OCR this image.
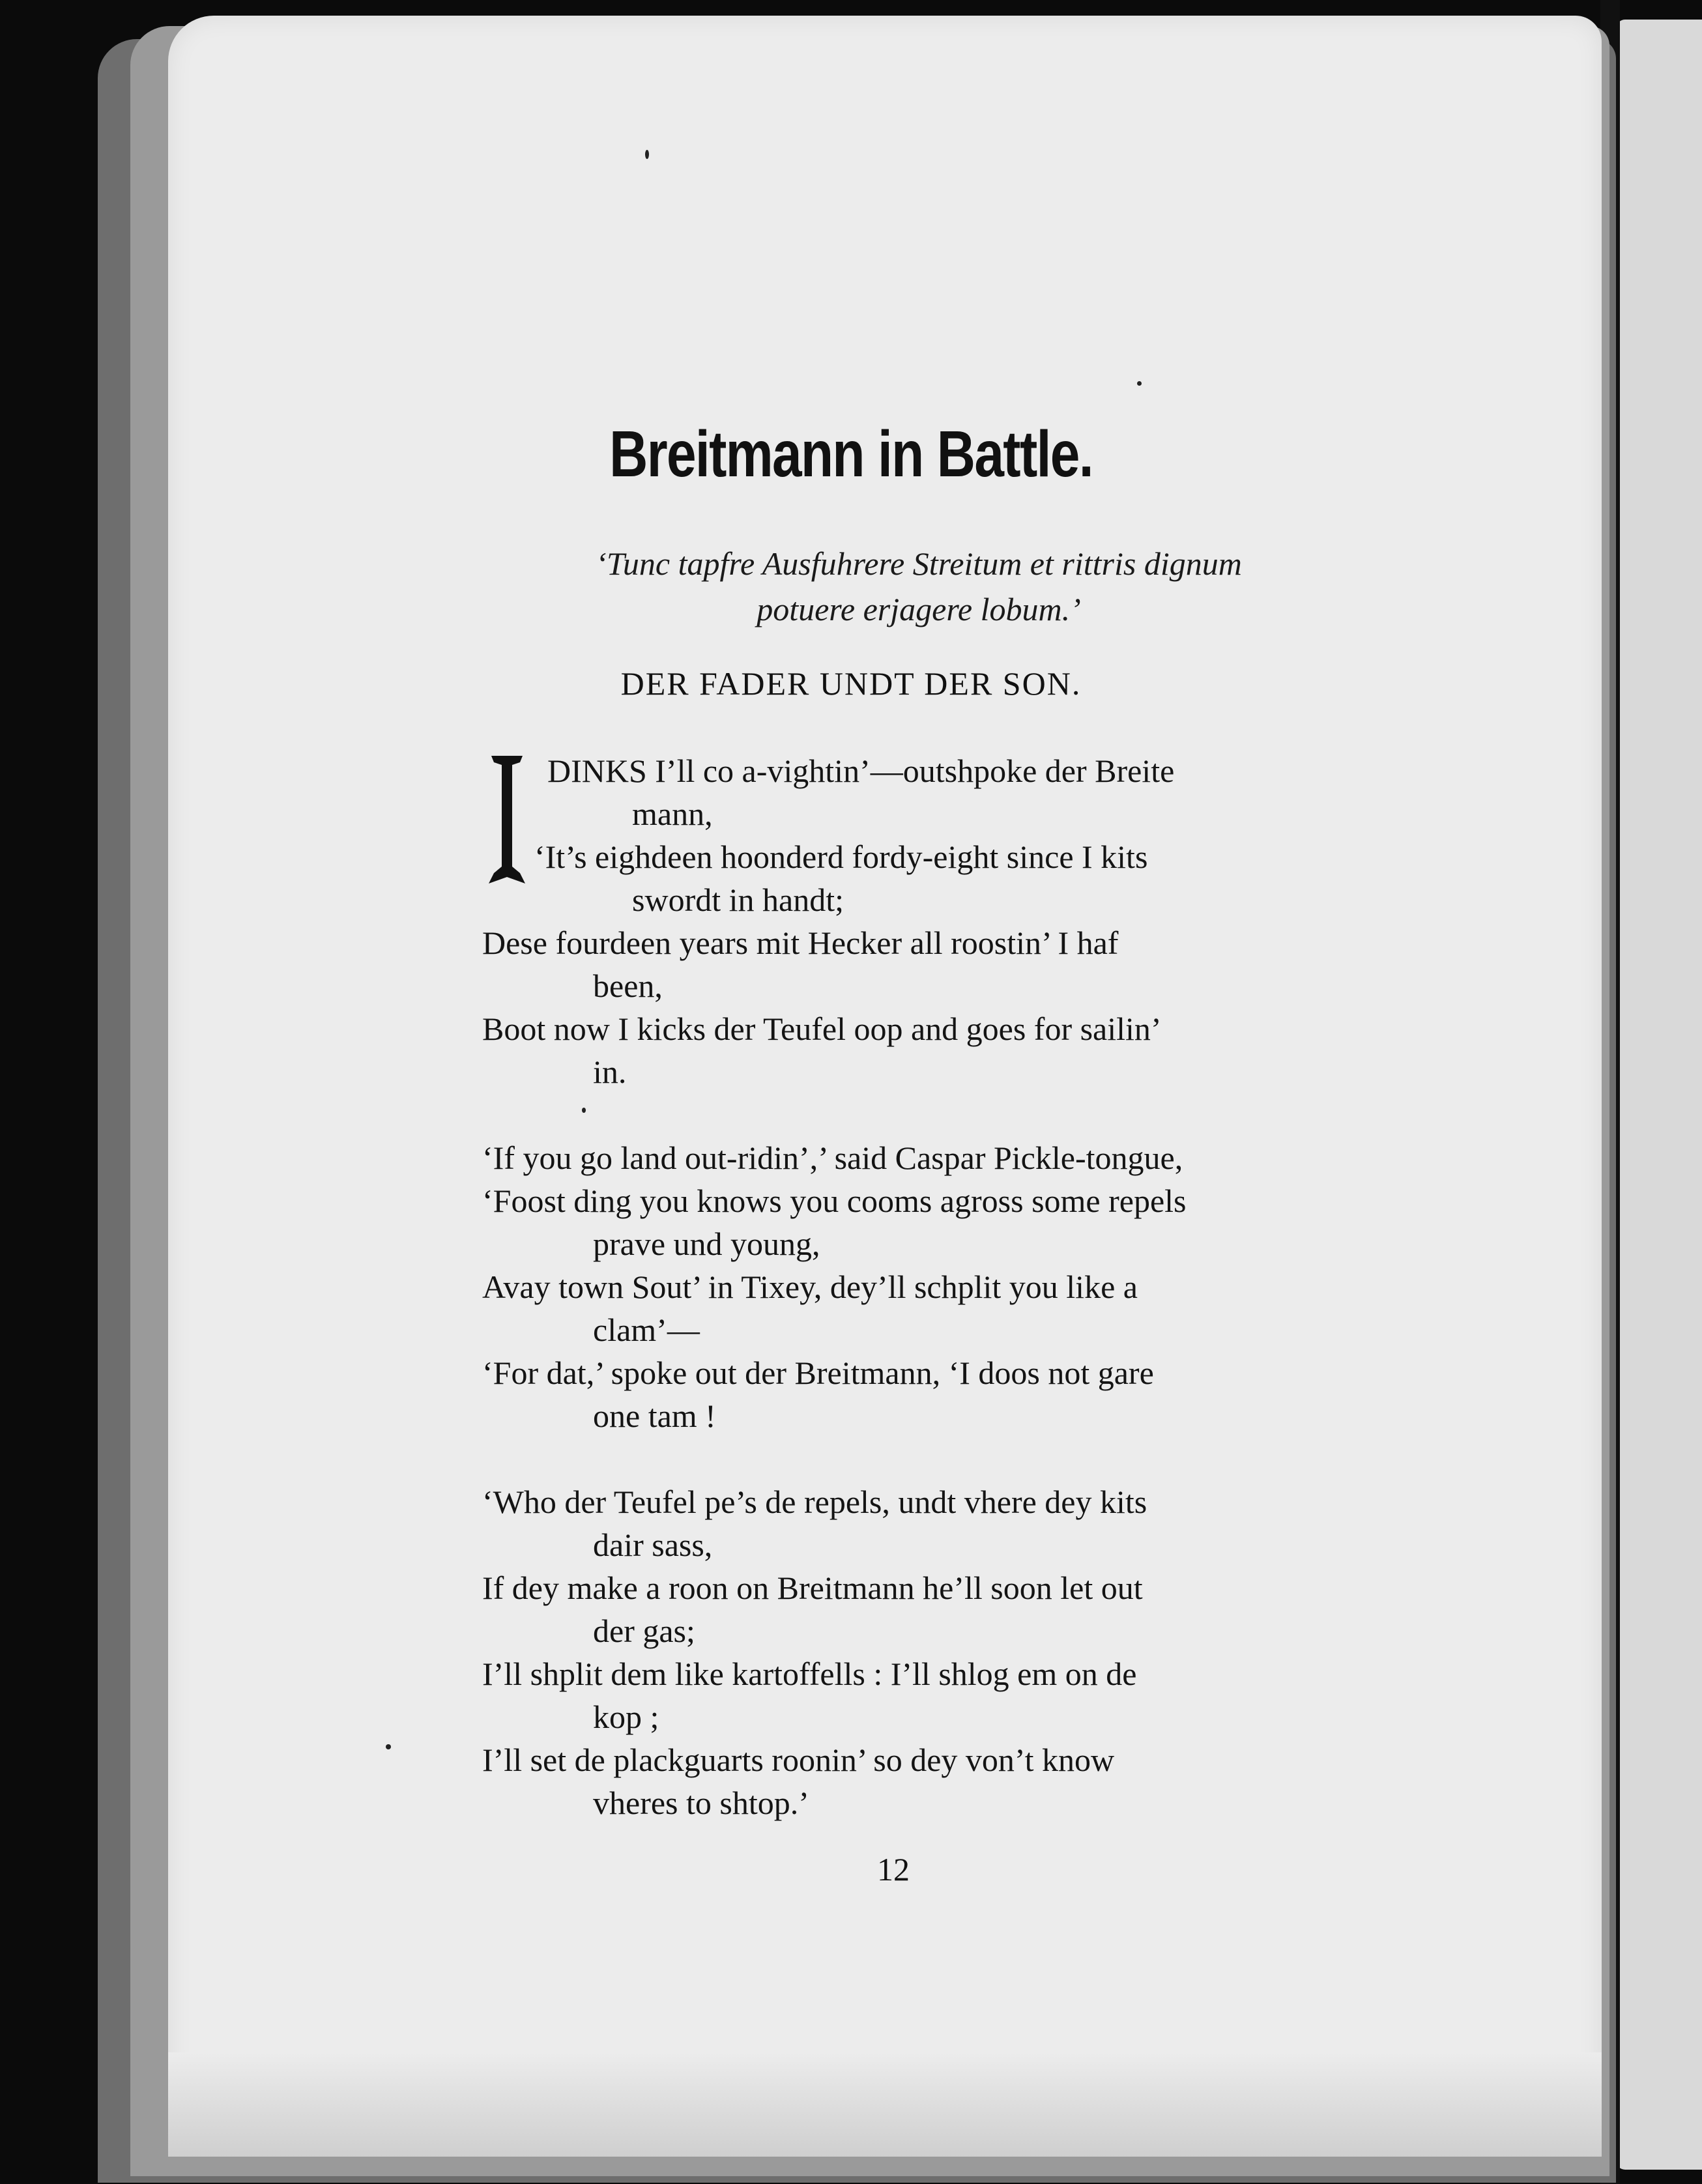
Breitmann in Battle.
‘Tunc tapfre Ausfuhrere Streitum et rittris dignum
potuere erjagere lobum.’
DER FADER UNDT DER SON.
DINKS I’ll co a-vightin’—outshpoke der Breite
mann,
‘It’s eighdeen hoonderd fordy-eight since I kits
swordt in handt;
Dese fourdeen years mit Hecker all roostin’ I haf
been,
Boot now I kicks der Teufel oop and goes for sailin’
in.
‘If you go land out-ridin’,’ said Caspar Pickle-tongue,
‘Foost ding you knows you cooms agross some repels
prave und young,
Avay town Sout’ in Tixey, dey’ll schplit you like a
clam’—
‘For dat,’ spoke out der Breitmann, ‘I doos not gare
one tam !
‘Who der Teufel pe’s de repels, undt vhere dey kits
dair sass,
If dey make a roon on Breitmann he’ll soon let out
der gas;
I’ll shplit dem like kartoffells : I’ll shlog em on de
kop ;
I’ll set de plackguarts roonin’ so dey von’t know
vheres to shtop.’
12
